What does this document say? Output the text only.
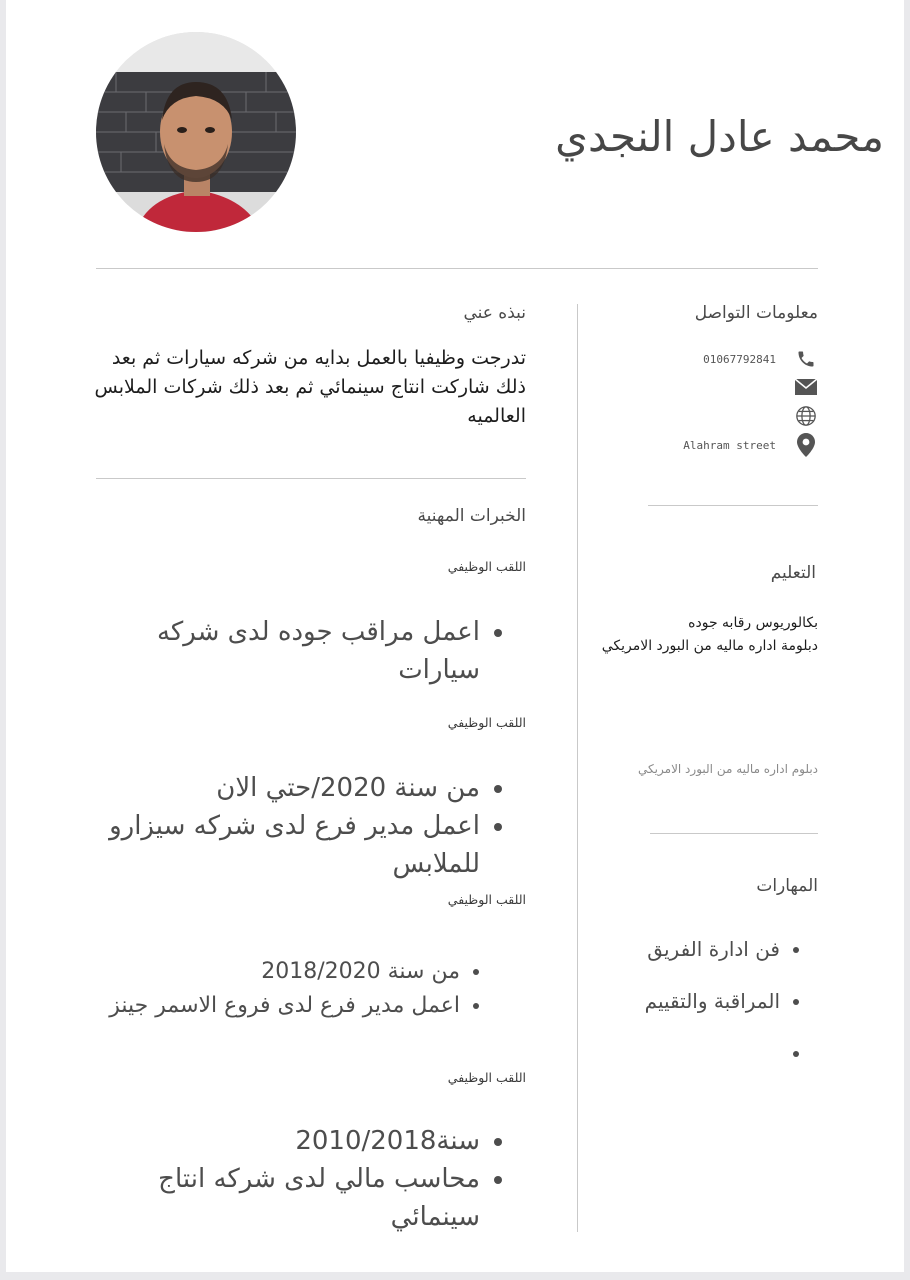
محمد عادل النجدي
نبذه عني
تدرجت وظيفيا بالعمل بدايه من شركه سيارات ثم بعد ذلك شاركت انتاج سينمائي ثم بعد ذلك شركات الملابس العالميه
الخبرات المهنية
اللقب الوظيفي
• اعمل مراقب جوده لدى شركه سيارات
اللقب الوظيفي
• من سنة 2020/حتي الان
• اعمل مدير فرع لدى شركه سيزارو للملابس
اللقب الوظيفي
• من سنة 2018/2020
• اعمل مدير فرع لدى فروع الاسمر جينز
اللقب الوظيفي
• سنة2010/2018
• محاسب مالي لدى شركه انتاج سينمائي
معلومات التواصل
01067792841
Alahram street
التعليم
بكالوريوس رقابه جوده
دبلومة اداره ماليه من البورد الامريكي
دبلوم اداره ماليه من البورد الامريكي
المهارات
• فن ادارة الفريق
• المراقبة والتقييم
•
